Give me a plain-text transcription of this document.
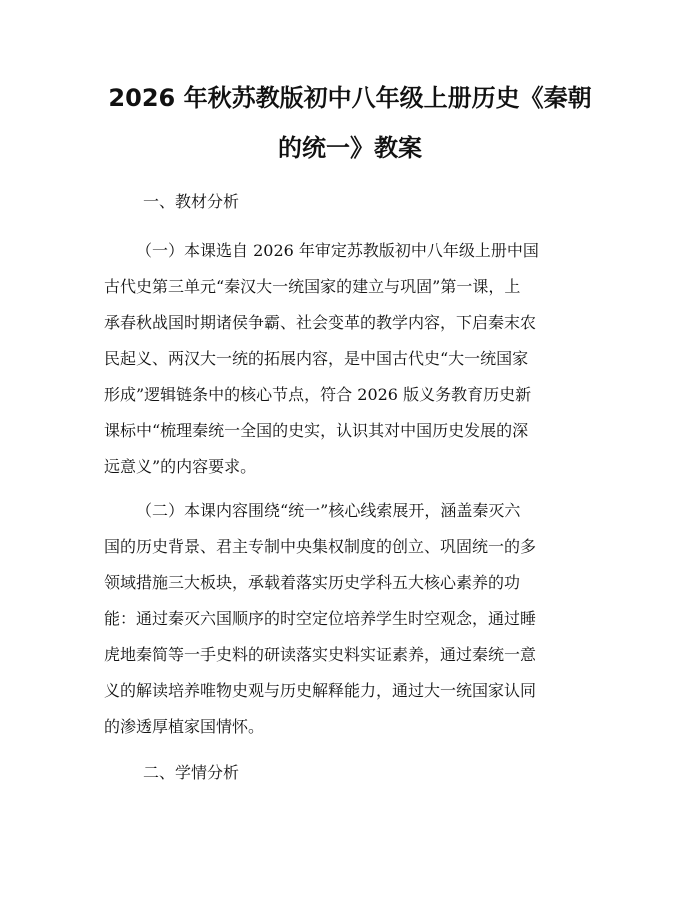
2026 年秋苏教版初中八年级上册历史《秦朝
的统一》教案
一、教材分析
（一）本课选自 2026 年审定苏教版初中八年级上册中国
古代史第三单元“秦汉大一统国家的建立与巩固”第一课，上
承春秋战国时期诸侯争霸、社会变革的教学内容，下启秦末农
民起义、两汉大一统的拓展内容，是中国古代史“大一统国家
形成”逻辑链条中的核心节点，符合 2026 版义务教育历史新
课标中“梳理秦统一全国的史实，认识其对中国历史发展的深
远意义”的内容要求。
（二）本课内容围绕“统一”核心线索展开，涵盖秦灭六
国的历史背景、君主专制中央集权制度的创立、巩固统一的多
领域措施三大板块，承载着落实历史学科五大核心素养的功
能：通过秦灭六国顺序的时空定位培养学生时空观念，通过睡
虎地秦简等一手史料的研读落实史料实证素养，通过秦统一意
义的解读培养唯物史观与历史解释能力，通过大一统国家认同
的渗透厚植家国情怀。
二、学情分析
